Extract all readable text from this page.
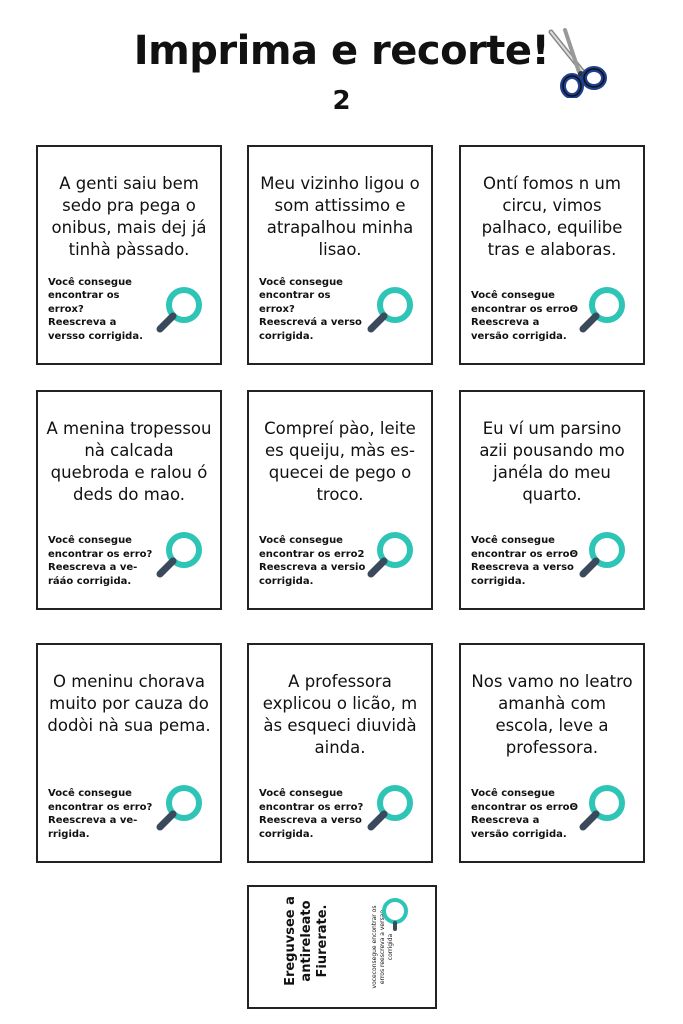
Imprima e recorte!
2
A genti saiu bem sedo pra pega o onibus, mais dej já tinhà pàssado.
Você consegue encontrar os errox?
Reescreva a versso corrigida.
Meu vizinho ligou o som attissimo e atrapalhou minha lisao.
Você consegue encontrar os errox?
Reescrevá a verso corrigida.
Ontí fomos n um circu, vimos palhaco, equilibe tras e alaboras.
Você consegue encontrar os erroΘ
Reescreva a versão corrigida.
A menina tropessou nà calcada quebroda e ralou ó deds do mao.
Você consegue encontrar os erro?
Reescreva a ve-rááo corrigida.
Compreí pào, leite es queiju, màs es-quecei de pego o troco.
Você consegue encontrar os erro2
Reescreva a versio corrigida.
Eu ví um parsino azii pousando mo janéla do meu quarto.
Você consegue encontrar os erroΘ
Reescreva a verso corrigida.
O meninu chorava muito por cauza do dodòi nà sua pema.
Você consegue encontrar os erro?
Reescreva a ve-rrigida.
A professora explicou o licão, m às esqueci diuvidà ainda.
Você consegue encontrar os erro?
Reescreva a verso corrigida.
Nos vamo no leatro amanhà com escola, leve a professora.
Você consegue encontrar os erroΘ
Reescreva a versão corrigida.
Ereguvsee a antireleato Fiurerate.	voceconsegue encontrar os erros reescreva a versao corrigida
